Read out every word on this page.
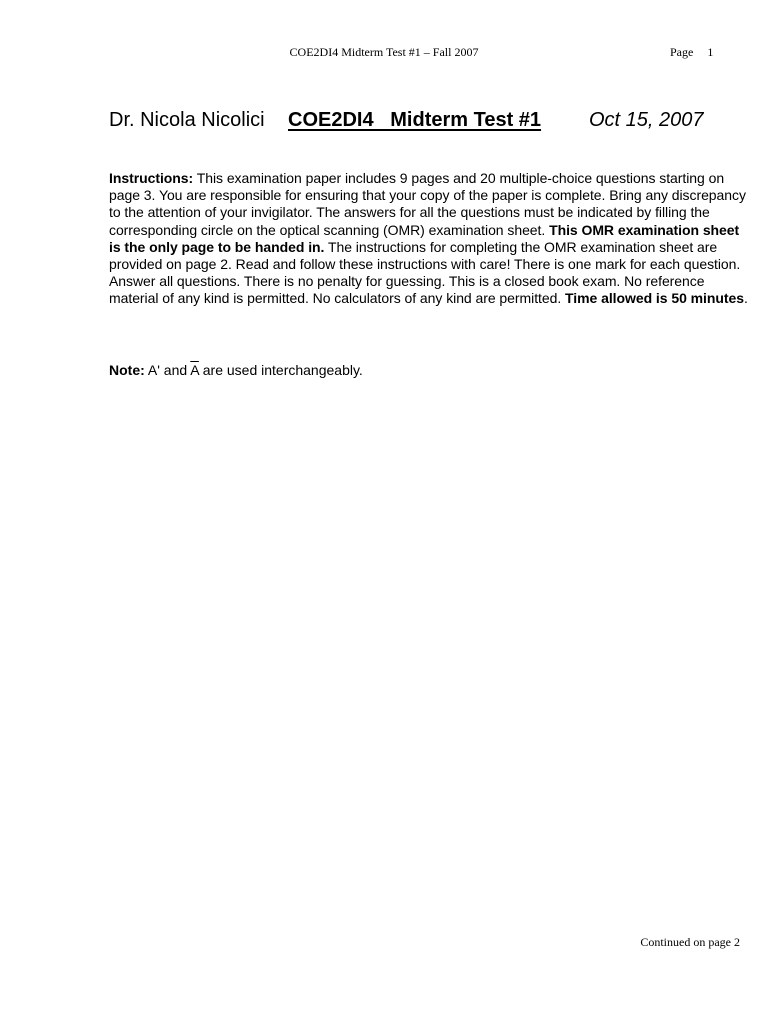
COE2DI4 Midterm Test #1 – Fall 2007	Page 1
Dr. Nicola Nicolici COE2DI4   Midterm Test #1 Oct 15, 2007
Instructions: This examination paper includes 9 pages and 20 multiple-choice questions starting on page 3. You are responsible for ensuring that your copy of the paper is complete. Bring any discrepancy to the attention of your invigilator. The answers for all the questions must be indicated by filling the corresponding circle on the optical scanning (OMR) examination sheet. This OMR examination sheet is the only page to be handed in. The instructions for completing the OMR examination sheet are provided on page 2. Read and follow these instructions with care! There is one mark for each question. Answer all questions. There is no penalty for guessing. This is a closed book exam. No reference material of any kind is permitted. No calculators of any kind are permitted. Time allowed is 50 minutes.
Note: A' and $\overline{A}$ are used interchangeably.
Continued on page 2
